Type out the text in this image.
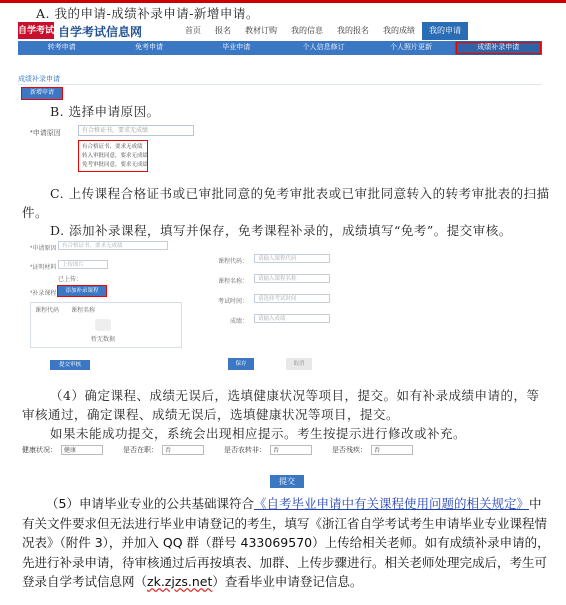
A. 我的申请-成绩补录申请-新增申请。
自学考试 自学考试信息网	首页	报名	教材订购	我的信息	我的报名	我的成绩	我的申请
转考申请	免考申请	毕业申请	个人信息修订	个人照片更新	成绩补录申请
成绩补录申请
新增申请
B. 选择申请原因。
*申请原因	有合格证书，要求无成绩
有合格证书，要求无成绩
转入审批同意，要求无成绩
免考审批同意，要求无成绩
C. 上传课程合格证书或已审批同意的免考审批表或已审批同意转入的转考审批表的扫描件。
D. 添加补录课程，填写并保存，免考课程补录的，成绩填写“免考”。提交审核。
*申请原因	有合格证书，要求无成绩
*证明材料	上传图片
已上传：
*补录课程	添加补录课程
课程代码 课程名称
暂无数据
提交审核
课程代码：	请输入课程代码
课程名称：	请输入课程名称
考试时间：	请选择考试时间
成绩：	请输入成绩
保存	取消
（4）确定课程、成绩无误后，选填健康状况等项目，提交。如有补录成绩申请的，等审核通过，确定课程、成绩无误后，选填健康状况等项目，提交。
如果未能成功提交，系统会出现相应提示。考生按提示进行修改或补充。
健康状况：	健康	是否在职：	否	是否农转非：	否	是否残疾：	否
提交
（5）申请毕业专业的公共基础课符合《自考毕业申请中有关课程使用问题的相关规定》中有关文件要求但无法进行毕业申请登记的考生，填写《浙江省自学考试考生申请毕业专业课程情况表》（附件 3），并加入 QQ 群（群号 433069570）上传给相关老师。如有成绩补录申请的，先进行补录申请，待审核通过后再按填表、加群、上传步骤进行。相关老师处理完成后，考生可登录自学考试信息网（zk.zjzs.net）查看毕业申请登记信息。
